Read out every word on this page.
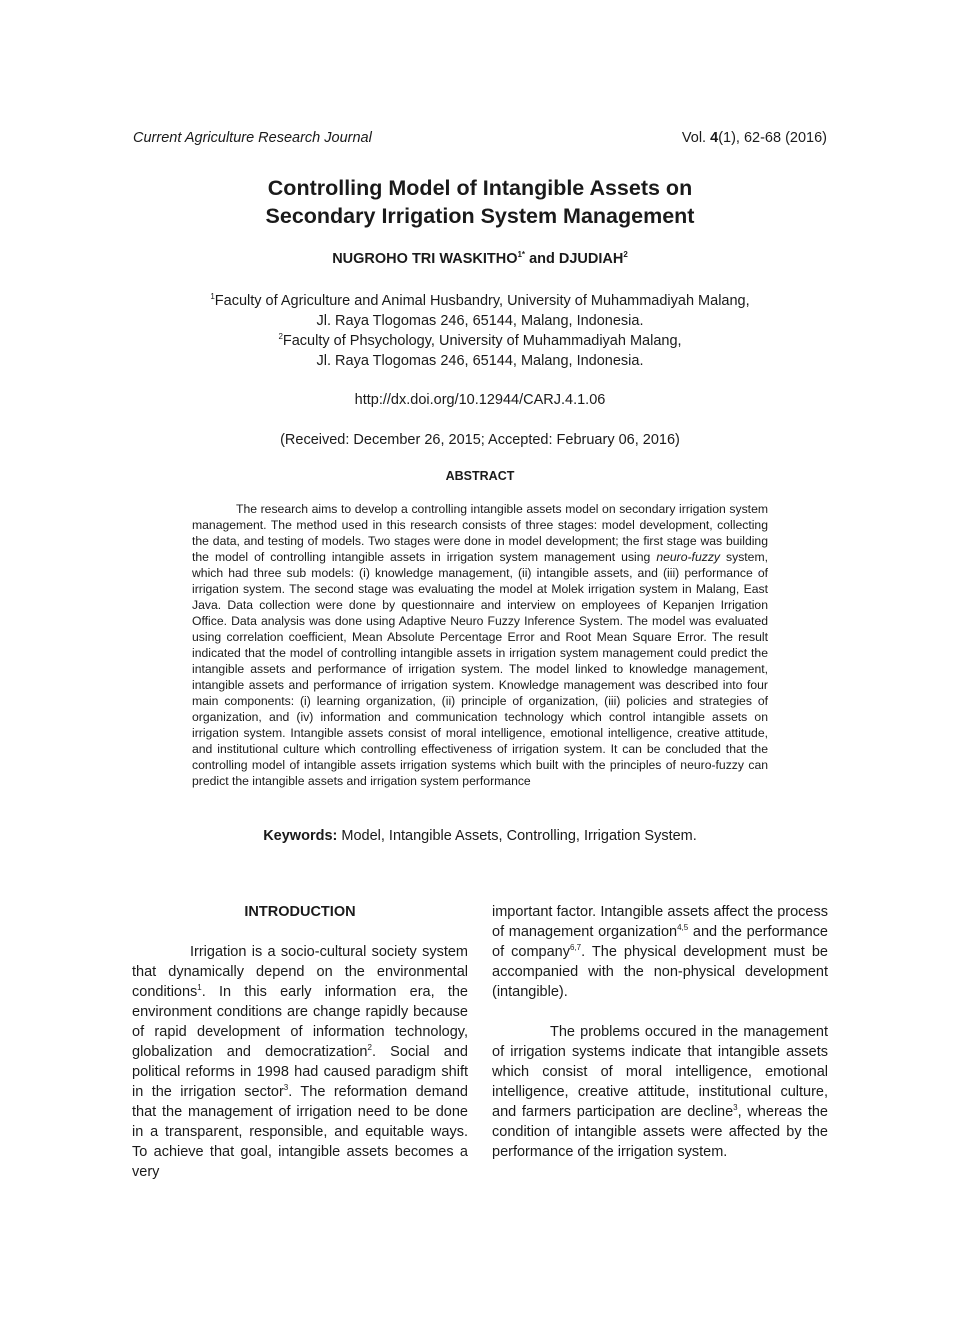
Current Agriculture Research Journal	Vol. 4(1), 62-68 (2016)
Controlling Model of Intangible Assets on
Secondary Irrigation System Management
NUGROHO TRI $WASKITHO^{1*}$ and DJUDIAH$^2$
$^1$Faculty of Agriculture and Animal Husbandry, University of Muhammadiyah Malang,
Jl. Raya Tlogomas 246, 65144, Malang, Indonesia.
$^2$Faculty of Phsychology, University of Muhammadiyah Malang,
Jl. Raya Tlogomas 246, 65144, Malang, Indonesia.
http://dx.doi.org/10.12944/CARJ.4.1.06
(Received: December 26, 2015; Accepted: February 06, 2016)
ABSTRACT
The research aims to develop a controlling intangible assets model on secondary irrigation system management. The method used in this research consists of three stages: model development, collecting the data, and testing of models. Two stages were done in model development; the first stage was building the model of controlling intangible assets in irrigation system management using neuro-fuzzy system, which had three sub models: (i) knowledge management, (ii) intangible assets, and (iii) performance of irrigation system. The second stage was evaluating the model at Molek irrigation system in Malang, East Java. Data collection were done by questionnaire and interview on employees of Kepanjen Irrigation Office. Data analysis was done using Adaptive Neuro Fuzzy Inference System. The model was evaluated using correlation coefficient, Mean Absolute Percentage Error and Root Mean Square Error. The result indicated that the model of controlling intangible assets in irrigation system management could predict the intangible assets and performance of irrigation system. The model linked to knowledge management, intangible assets and performance of irrigation system. Knowledge management was described into four main components: (i) learning organization, (ii) principle of organization, (iii) policies and strategies of organization, and (iv) information and communication technology which control intangible assets on irrigation system. Intangible assets consist of moral intelligence, emotional intelligence, creative attitude, and institutional culture which controlling effectiveness of irrigation system. It can be concluded that the controlling model of intangible assets irrigation systems which built with the principles of neuro-fuzzy can predict the intangible assets and irrigation system performance
Keywords: Model, Intangible Assets, Controlling, Irrigation System.
INTRODUCTION

Irrigation is a socio-cultural society system that dynamically depend on the environmental conditions$^1$. In this early information era, the environment conditions are change rapidly because of rapid development of information technology, globalization and democratization$^2$. Social and political reforms in 1998 had caused paradigm shift in the irrigation sector$^3$. The reformation demand that the management of irrigation need to be done in a transparent, responsible, and equitable ways. To achieve that goal, intangible assets becomes a very

important factor. Intangible assets affect the process of management organization$^{4,5}$ and the performance of company$^{6,7}$. The physical development must be accompanied with the non-physical development (intangible).

The problems occured in the management of irrigation systems indicate that intangible assets which consist of moral intelligence, emotional intelligence, creative attitude, institutional culture, and farmers participation are decline$^3$, whereas the condition of intangible assets were affected by the performance of the irrigation system.
